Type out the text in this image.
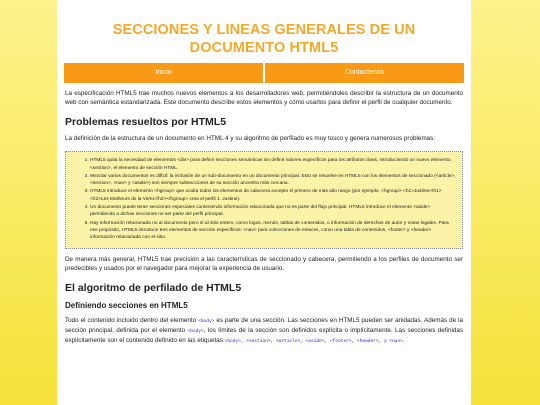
SECCIONES Y LINEAS GENERALES DE UN DOCUMENTO HTML5
Inicio	Contactenos

La especificación HTML5 trae muchos nuevos elementos a los desarrolladores web, permitiéndoles describir la estructura de un documento web con semántica estandarizada. Este documento describe estos elementos y cómo usarlos para definir el perfil de cualquier documento.

Problemas resueltos por HTML5

La definición de la estructura de un documento en HTML 4 y su algoritmo de perfilado es muy tosco y genera numerosos problemas:

1. HTML5 quita la necesidad de elementos <div> para definir secciones semánticas sin definir valores específicos para los atributos class, introduciendo un nuevo elemento, <section>, el elemento de sección HTML.
2. Mezclar varios documentos es difícil: la inclusión de un sub-documento en un documento principal. Esto se resuelve en HTML5 con los elementos de seccionado (<article>, <section>, <nav> y <aside>) son siempre subsecciones de su sección ancestra más cercana.
3. HTML5 introduce el elemento <hgroup> que oculta todos los elementos de cabecera excepto el primero de más alto rango (por ejemplo, <hgroup> <h1>Justine</h1><h2>Les Malheurs de la Vertu</h2></hgroup> crea el perfil 1. Justine).
4. Un documento puede tener secciones especiales conteniendo información relacionada que no es parte del flujo principal. HTML5 introduce el elemento <aside> permitiendo a dichas secciones no ser parte del perfil principal.
5. Hay información relacionada no al documento pero sí al sitio entero, como logos, menús, tablas de contenidos, o información de derechos de autor y notas legales. Para ese propósito, HTML5 introduce tres elementos de sección específicos: <nav> para colecciones de enlaces, como una tabla de contenidos, <footer> y <header> información relacionada con el sitio.

De manera más general, HTML5 trae precisión a las características de seccionado y cabecera, permitiendo a los perfiles de documento ser predecibles y usados por el navegador para mejorar la experiencia de usuario.

El algoritmo de perfilado de HTML5
Definiendo secciones en HTML5

Todo el contenido incluido dentro del elemento <body> es parte de una sección. Las secciones en HTML5 pueden ser anidadas. Además de la sección principal, definida por el elemento <body>, los límites de la sección son definidos explícita o implícitamente. Las secciones definidas explícitamente son el contenido definido en las etiquetas <body>, <section>, <article>, <aside>, <footer>, <header>, y <nav>.
